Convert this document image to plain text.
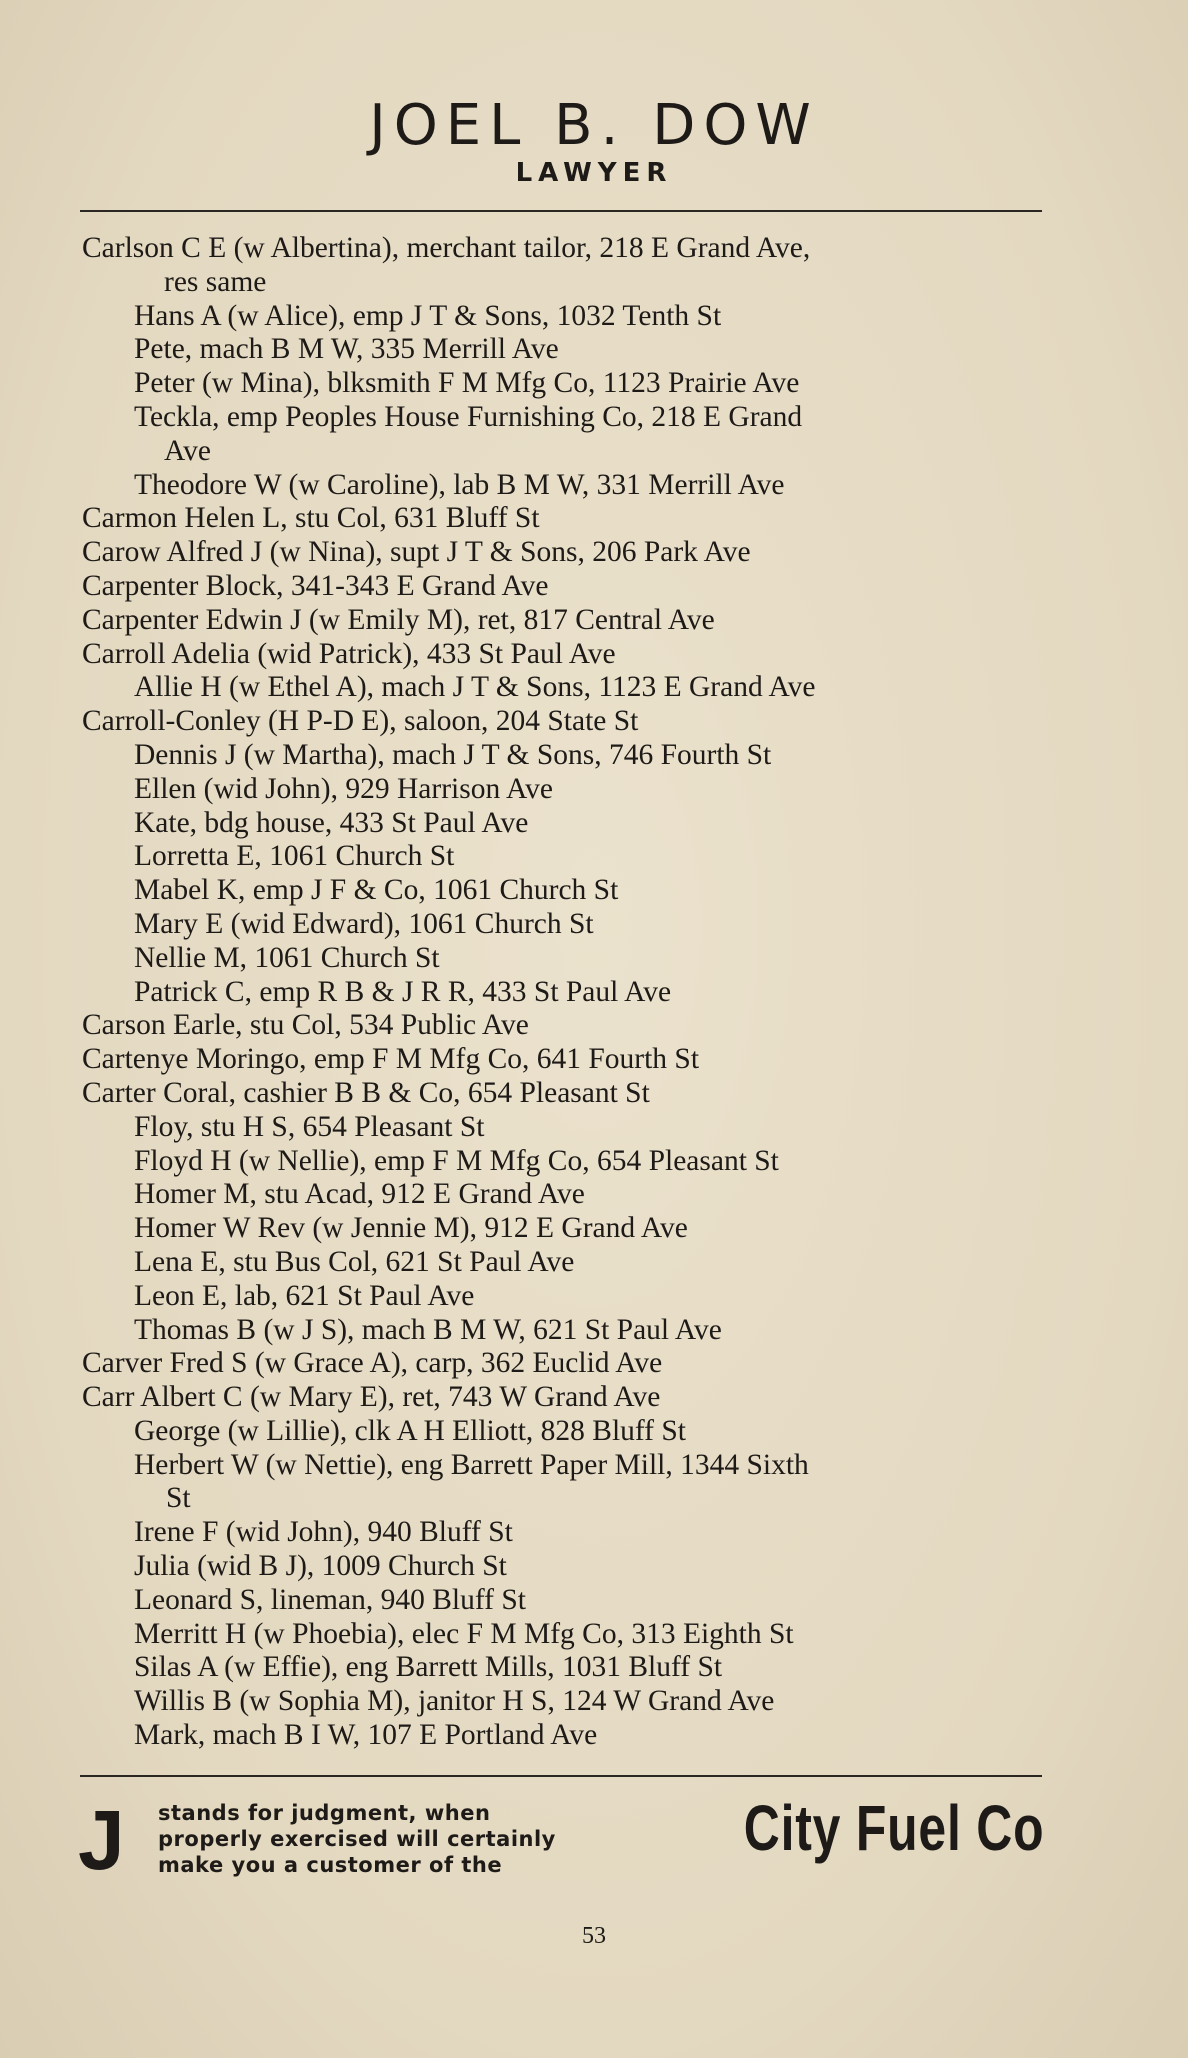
JOEL B. DOW
LAWYER
Carlson C E (w Albertina), merchant tailor, 218 E Grand Ave,
res same
Hans A (w Alice), emp J T & Sons, 1032 Tenth St
Pete, mach B M W, 335 Merrill Ave
Peter (w Mina), blksmith F M Mfg Co, 1123 Prairie Ave
Teckla, emp Peoples House Furnishing Co, 218 E Grand
Ave
Theodore W (w Caroline), lab B M W, 331 Merrill Ave
Carmon Helen L, stu Col, 631 Bluff St
Carow Alfred J (w Nina), supt J T & Sons, 206 Park Ave
Carpenter Block, 341-343 E Grand Ave
Carpenter Edwin J (w Emily M), ret, 817 Central Ave
Carroll Adelia (wid Patrick), 433 St Paul Ave
Allie H (w Ethel A), mach J T & Sons, 1123 E Grand Ave
Carroll-Conley (H P-D E), saloon, 204 State St
Dennis J (w Martha), mach J T & Sons, 746 Fourth St
Ellen (wid John), 929 Harrison Ave
Kate, bdg house, 433 St Paul Ave
Lorretta E, 1061 Church St
Mabel K, emp J F & Co, 1061 Church St
Mary E (wid Edward), 1061 Church St
Nellie M, 1061 Church St
Patrick C, emp R B & J R R, 433 St Paul Ave
Carson Earle, stu Col, 534 Public Ave
Cartenye Moringo, emp F M Mfg Co, 641 Fourth St
Carter Coral, cashier B B & Co, 654 Pleasant St
Floy, stu H S, 654 Pleasant St
Floyd H (w Nellie), emp F M Mfg Co, 654 Pleasant St
Homer M, stu Acad, 912 E Grand Ave
Homer W Rev (w Jennie M), 912 E Grand Ave
Lena E, stu Bus Col, 621 St Paul Ave
Leon E, lab, 621 St Paul Ave
Thomas B (w J S), mach B M W, 621 St Paul Ave
Carver Fred S (w Grace A), carp, 362 Euclid Ave
Carr Albert C (w Mary E), ret, 743 W Grand Ave
George (w Lillie), clk A H Elliott, 828 Bluff St
Herbert W (w Nettie), eng Barrett Paper Mill, 1344 Sixth
St
Irene F (wid John), 940 Bluff St
Julia (wid B J), 1009 Church St
Leonard S, lineman, 940 Bluff St
Merritt H (w Phoebia), elec F M Mfg Co, 313 Eighth St
Silas A (w Effie), eng Barrett Mills, 1031 Bluff St
Willis B (w Sophia M), janitor H S, 124 W Grand Ave
Mark, mach B I W, 107 E Portland Ave
J stands for judgment, when
properly exercised will certainly
make you a customer of the
City Fuel Co
53
